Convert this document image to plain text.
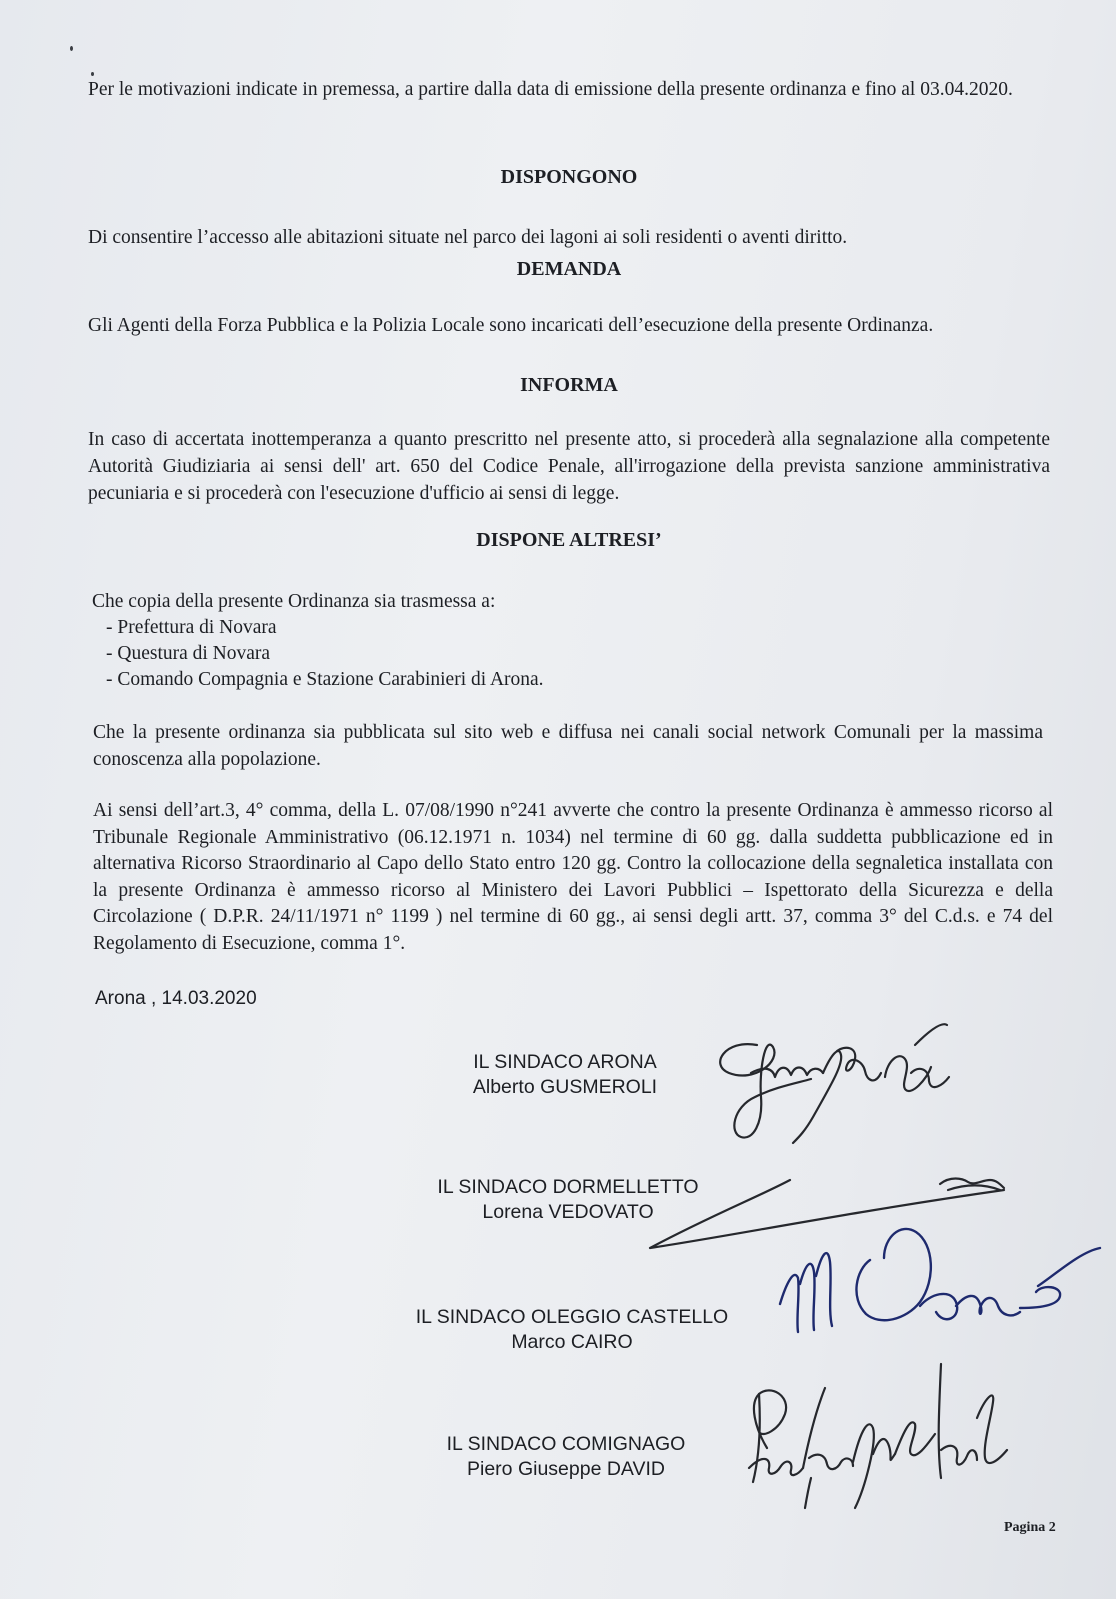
Per le motivazioni indicate in premessa, a partire dalla data di emissione della presente ordinanza e fino al 03.04.2020.
DISPONGONO
Di consentire l’accesso alle abitazioni situate nel parco dei lagoni ai soli residenti o aventi diritto.
DEMANDA
Gli Agenti della Forza Pubblica e la Polizia Locale sono incaricati dell’esecuzione della presente Ordinanza.
INFORMA
In caso di accertata inottemperanza a quanto prescritto nel presente atto, si procederà alla segnalazione alla competente Autorità Giudiziaria ai sensi dell' art. 650 del Codice Penale, all'irrogazione della prevista sanzione amministrativa pecuniaria e si procederà con l'esecuzione d'ufficio ai sensi di legge.
DISPONE ALTRESI’
Che copia della presente Ordinanza sia trasmessa a:
- Prefettura di Novara
- Questura di Novara
- Comando Compagnia e Stazione Carabinieri di Arona.
Che la presente ordinanza sia pubblicata sul sito web e diffusa nei canali social network Comunali per la massima conoscenza alla popolazione.
Ai sensi dell’art.3, 4° comma, della L. 07/08/1990 n°241 avverte che contro la presente Ordinanza è ammesso ricorso al Tribunale Regionale Amministrativo (06.12.1971 n. 1034) nel termine di 60 gg. dalla suddetta pubblicazione ed in alternativa Ricorso Straordinario al Capo dello Stato entro 120 gg. Contro la collocazione della segnaletica installata con la presente Ordinanza è ammesso ricorso al Ministero dei Lavori Pubblici – Ispettorato della Sicurezza e della Circolazione ( D.P.R. 24/11/1971 n° 1199 ) nel termine di 60 gg., ai sensi degli artt. 37, comma 3° del C.d.s. e 74 del Regolamento di Esecuzione, comma 1°.
Arona , 14.03.2020
IL SINDACO ARONA
Alberto GUSMEROLI
IL SINDACO DORMELLETTO
Lorena VEDOVATO
IL SINDACO OLEGGIO CASTELLO
Marco CAIRO
IL SINDACO COMIGNAGO
Piero Giuseppe DAVID
Pagina 2
